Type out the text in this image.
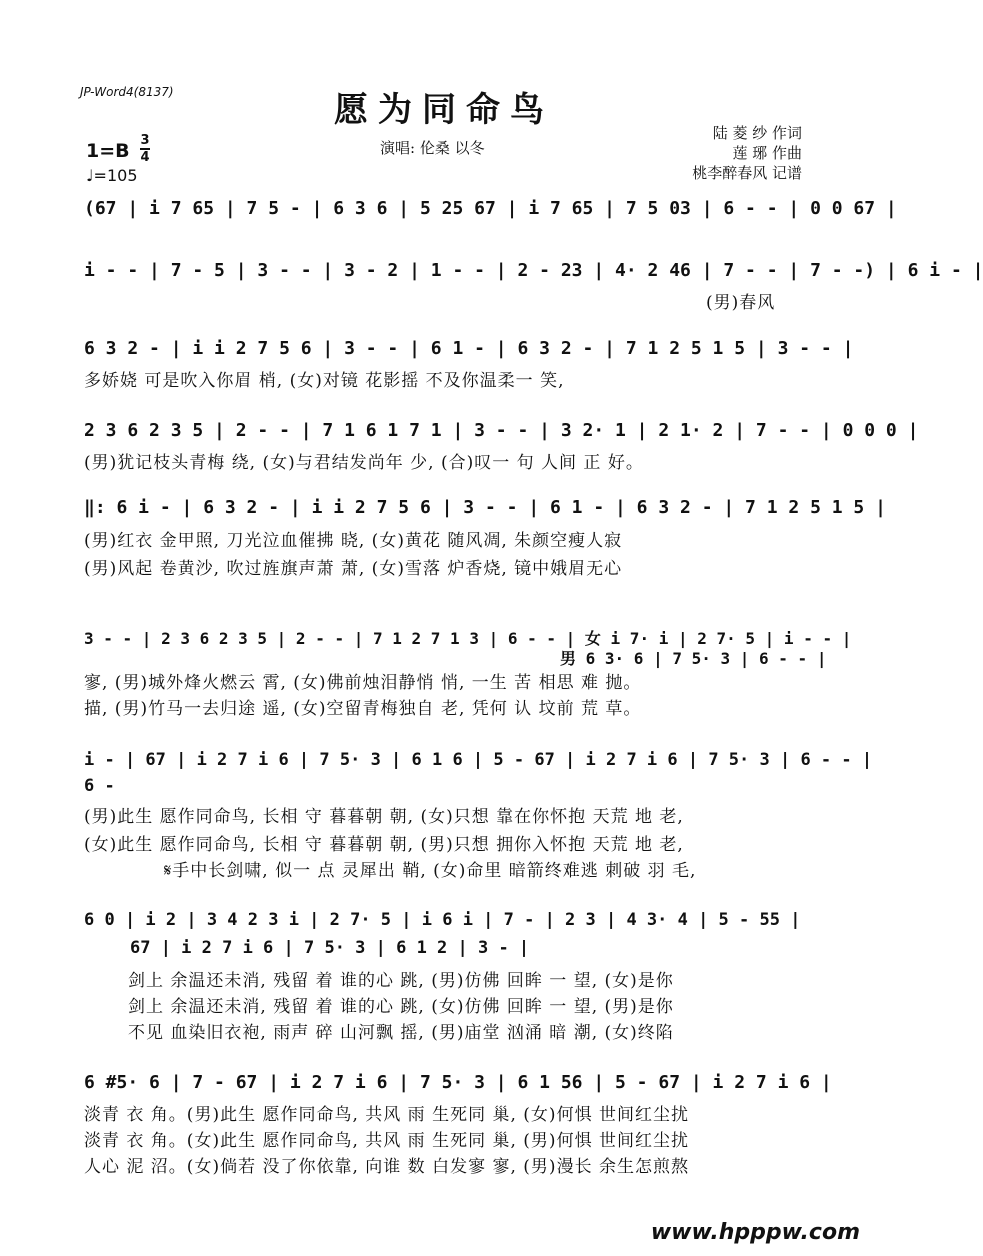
JP-Word4(8137)	愿为同命鸟
1=B 3
4
♩=105
演唱: 伦桑 以冬
陆 菱 纱 作词
莲 琊 作曲
桃李醉春风 记谱
(67 | i 7 65 | 7 5 - | 6 3 6 | 5 25 67 | i 7 65 | 7 5 03 | 6 - - | 0 0 67 |
i - - | 7 - 5 | 3 - - | 3 - 2 | 1 - - | 2 - 23 | 4· 2 46 | 7 - - | 7 - -) | 6 i - |
(男)春风
6 3 2 - | i i 2 7 5 6 | 3 - - | 6 1 - | 6 3 2 - | 7 1 2 5 1 5 | 3 - - |
多娇娆 可是吹入你眉 梢, (女)对镜 花影摇 不及你温柔一 笑,
2 3 6 2 3 5 | 2 - - | 7 1 6 1 7 1 | 3 - - | 3 2· 1 | 2 1· 2 | 7 - - | 0 0 0 |
(男)犹记枝头青梅 绕, (女)与君结发尚年 少, (合)叹一 句 人间 正 好。
‖: 6 i - | 6 3 2 - | i i 2 7 5 6 | 3 - - | 6 1 - | 6 3 2 - | 7 1 2 5 1 5 |
(男)红衣 金甲照, 刀光泣血催拂 晓, (女)黄花 随风凋, 朱颜空瘦人寂
(男)风起 卷黄沙, 吹过旌旗声萧 萧, (女)雪落 炉香烧, 镜中娥眉无心
3 - - | 2 3 6 2 3 5 | 2 - - | 7 1 2 7 1 3 | 6 - - | 女 i 7· i | 2 7· 5 | i - - |
男 6 3· 6 | 7 5· 3 | 6 - - |
寥, (男)城外烽火燃云 霄, (女)佛前烛泪静悄 悄, 一生 苦 相思 难 抛。
描, (男)竹马一去归途 遥, (女)空留青梅独自 老, 凭何 认 坟前 荒 草。
i - | 67 | i 2 7 i 6 | 7 5· 3 | 6 1 6 | 5 - 67 | i 2 7 i 6 | 7 5· 3 | 6 - - |
6 -
(男)此生 愿作同命鸟, 长相 守 暮暮朝 朝, (女)只想 靠在你怀抱 天荒 地 老,
(女)此生 愿作同命鸟, 长相 守 暮暮朝 朝, (男)只想 拥你入怀抱 天荒 地 老,
𝄋手中长剑啸, 似一 点 灵犀出 鞘, (女)命里 暗箭终难逃 刺破 羽 毛,
6 0 | i 2 | 3 4 2 3 i | 2 7· 5 | i 6 i | 7 - | 2 3 | 4 3· 4 | 5 - 55 |
67 | i 2 7 i 6 | 7 5· 3 | 6 1 2 | 3 - |
剑上 余温还未消, 残留 着 谁的心 跳, (男)仿佛 回眸 一 望, (女)是你
剑上 余温还未消, 残留 着 谁的心 跳, (女)仿佛 回眸 一 望, (男)是你
不见 血染旧衣袍, 雨声 碎 山河飘 摇, (男)庙堂 汹涌 暗 潮, (女)终陷
6 #5· 6 | 7 - 67 | i 2 7 i 6 | 7 5· 3 | 6 1 56 | 5 - 67 | i 2 7 i 6 |
淡青 衣 角。(男)此生 愿作同命鸟, 共风 雨 生死同 巢, (女)何惧 世间红尘扰
淡青 衣 角。(女)此生 愿作同命鸟, 共风 雨 生死同 巢, (男)何惧 世间红尘扰
人心 泥 沼。(女)倘若 没了你依靠, 向谁 数 白发寥 寥, (男)漫长 余生怎煎熬
www.hpppw.com
